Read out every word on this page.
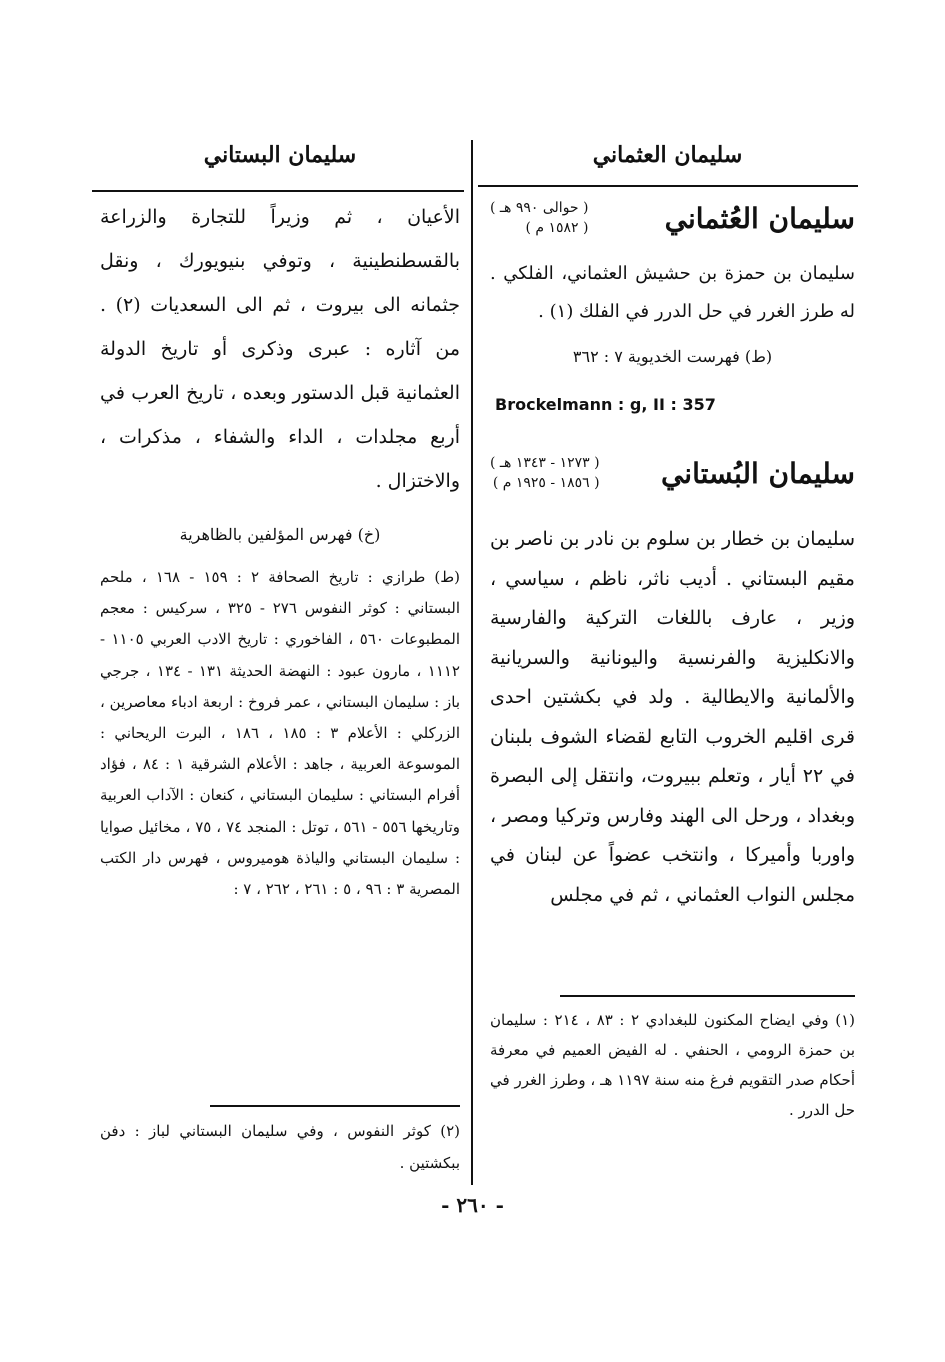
سليمان العثماني
سليمان البستاني
سليمان العُثماني
( حوالى ٩٩٠ هـ )
( ١٥٨٢ م )
سليمان بن حمزة بن حشيش العثماني، الفلكي . له طرز الغرر في حل الدرر في الفلك (١) .
(ط) فهرست الخديوية ٧ : ٣٦٢
Brockelmann : g, II : 357
سليمان البُستاني
( ١٢٧٣ - ١٣٤٣ هـ )
( ١٨٥٦ - ١٩٢٥ م )
سليمان بن خطار بن سلوم بن نادر بن ناصر بن مقيم البستاني . أديب ناثر، ناظم ، سياسي ، وزير ، عارف باللغات التركية والفارسية والانكليزية والفرنسية واليونانية والسريانية والألمانية والايطالية . ولد في بكشتين احدى قرى اقليم الخروب التابع لقضاء الشوف بلبنان في ٢٢ أيار ، وتعلم ببيروت، وانتقل إلى البصرة وبغداد ، ورحل الى الهند وفارس وتركيا ومصر ، واوربا وأميركا ، وانتخب عضواً عن لبنان في مجلس النواب العثماني ، ثم في مجلس
(١) وفي ايضاح المكنون للبغدادي ٢ : ٨٣ ، ٢١٤ : سليمان بن حمزة الرومي ، الحنفي . له الفيض العميم في معرفة أحكام صدر التقويم فرغ منه سنة ١١٩٧ هـ ، وطرز الغرر في حل الدرر .
الأعيان ، ثم وزيراً للتجارة والزراعة بالقسطنطينية ، وتوفي بنيويورك ، ونقل جثمانه الى بيروت ، ثم الى السعديات (٢) . من آثاره : عبرى وذكرى أو تاريخ الدولة العثمانية قبل الدستور وبعده ، تاريخ العرب في أربع مجلدات ، الداء والشفاء ، مذكرات ، والاختزال .
(خ) فهرس المؤلفين بالظاهرية
(ط) طرازي : تاريخ الصحافة ٢ : ١٥٩ - ١٦٨ ، ملحم البستاني : كوثر النفوس ٢٧٦ - ٣٢٥ ، سركيس : معجم المطبوعات ٥٦٠ ، الفاخوري : تاريخ الادب العربي ١١٠٥ - ١١١٢ ، مارون عبود : النهضة الحديثة ١٣١ - ١٣٤ ، جرجي باز : سليمان البستاني ، عمر فروخ : اربعة ادباء معاصرين ، الزركلي : الأعلام ٣ : ١٨٥ ، ١٨٦ ، البرت الريحاني : الموسوعة العربية ، جاهد : الأعلام الشرقية ١ : ٨٤ ، فؤاد أفرام البستاني : سليمان البستاني ، كنعان : الآداب العربية وتاريخها ٥٥٦ - ٥٦١ ، توتل : المنجد ٧٤ ، ٧٥ ، مخائيل صوايا : سليمان البستاني والياذة هوميروس ، فهرس دار الكتب المصرية ٣ : ٩٦ ، ٥ : ٢٦١ ، ٢٦٢ ، ٧ :
(٢) كوثر النفوس ، وفي سليمان البستاني لباز : دفن ببكشتين .
- ٢٦٠ -
